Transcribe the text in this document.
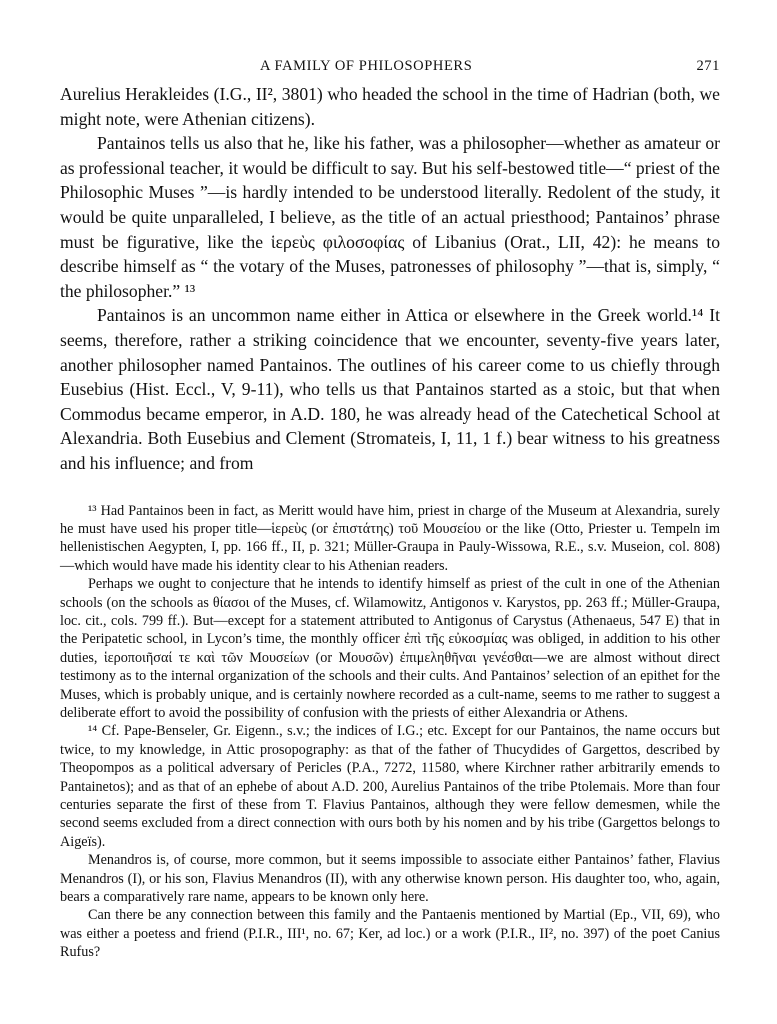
A FAMILY OF PHILOSOPHERS	271

Aurelius Herakleides (I.G., II², 3801) who headed the school in the time of Hadrian (both, we might note, were Athenian citizens).

Pantainos tells us also that he, like his father, was a philosopher—whether as amateur or as professional teacher, it would be difficult to say. But his self-bestowed title—“ priest of the Philosophic Muses ”—is hardly intended to be understood literally. Redolent of the study, it would be quite unparalleled, I believe, as the title of an actual priesthood; Pantainos’ phrase must be figurative, like the ἱερεὺς φιλοσοφίας of Libanius (Orat., LII, 42): he means to describe himself as “ the votary of the Muses, patronesses of philosophy ”—that is, simply, “ the philosopher.” ¹³

Pantainos is an uncommon name either in Attica or elsewhere in the Greek world.¹⁴ It seems, therefore, rather a striking coincidence that we encounter, seventy-five years later, another philosopher named Pantainos. The outlines of his career come to us chiefly through Eusebius (Hist. Eccl., V, 9-11), who tells us that Pantainos started as a stoic, but that when Commodus became emperor, in A.D. 180, he was already head of the Catechetical School at Alexandria. Both Eusebius and Clement (Stromateis, I, 11, 1 f.) bear witness to his greatness and his influence; and from

¹³ Had Pantainos been in fact, as Meritt would have him, priest in charge of the Museum at Alexandria, surely he must have used his proper title—ἱερεὺς (or ἐπιστάτης) τοῦ Μουσείου or the like (Otto, Priester u. Tempeln im hellenistischen Aegypten, I, pp. 166 ff., II, p. 321; Müller-Graupa in Pauly-Wissowa, R.E., s.v. Museion, col. 808)—which would have made his identity clear to his Athenian readers.

Perhaps we ought to conjecture that he intends to identify himself as priest of the cult in one of the Athenian schools (on the schools as θίασοι of the Muses, cf. Wilamowitz, Antigonos v. Karystos, pp. 263 ff.; Müller-Graupa, loc. cit., cols. 799 ff.). But—except for a statement attributed to Antigonus of Carystus (Athenaeus, 547 E) that in the Peripatetic school, in Lycon’s time, the monthly officer ἐπὶ τῆς εὐκοσμίας was obliged, in addition to his other duties, ἱεροποιῆσαί τε καὶ τῶν Μουσείων (or Μουσῶν) ἐπιμεληθῆναι γενέσθαι—we are almost without direct testimony as to the internal organization of the schools and their cults. And Pantainos’ selection of an epithet for the Muses, which is probably unique, and is certainly nowhere recorded as a cult-name, seems to me rather to suggest a deliberate effort to avoid the possibility of confusion with the priests of either Alexandria or Athens.

¹⁴ Cf. Pape-Benseler, Gr. Eigenn., s.v.; the indices of I.G.; etc. Except for our Pantainos, the name occurs but twice, to my knowledge, in Attic prosopography: as that of the father of Thucydides of Gargettos, described by Theopompos as a political adversary of Pericles (P.A., 7272, 11580, where Kirchner rather arbitrarily emends to Pantainetos); and as that of an ephebe of about A.D. 200, Aurelius Pantainos of the tribe Ptolemais. More than four centuries separate the first of these from T. Flavius Pantainos, although they were fellow demesmen, while the second seems excluded from a direct connection with ours both by his nomen and by his tribe (Gargettos belongs to Aigeïs).

Menandros is, of course, more common, but it seems impossible to associate either Pantainos’ father, Flavius Menandros (I), or his son, Flavius Menandros (II), with any otherwise known person. His daughter too, who, again, bears a comparatively rare name, appears to be known only here.

Can there be any connection between this family and the Pantaenis mentioned by Martial (Ep., VII, 69), who was either a poetess and friend (P.I.R., III¹, no. 67; Ker, ad loc.) or a work (P.I.R., II², no. 397) of the poet Canius Rufus?
